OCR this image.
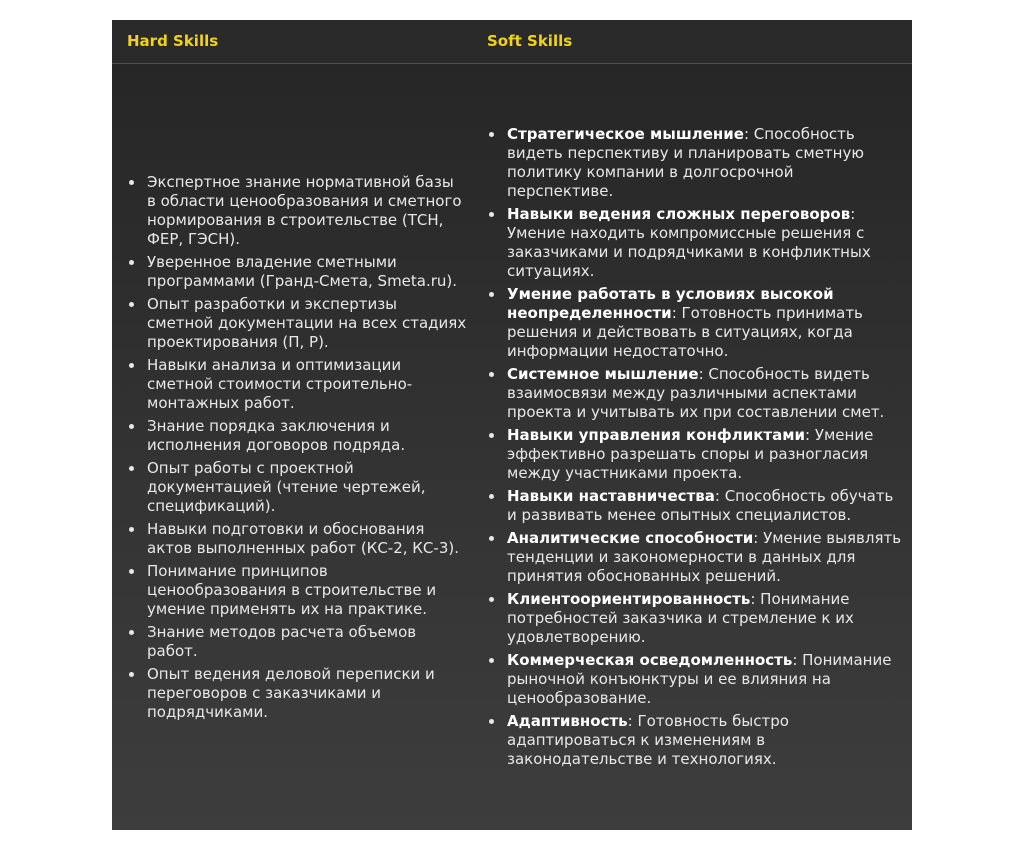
Hard Skills	Soft Skills
Экспертное знание нормативной базы в области ценообразования и сметного нормирования в строительстве (ТСН, ФЕР, ГЭСН).
Уверенное владение сметными программами (Гранд-Смета, Smeta.ru).
Опыт разработки и экспертизы сметной документации на всех стадиях проектирования (П, Р).
Навыки анализа и оптимизации сметной стоимости строительно-монтажных работ.
Знание порядка заключения и исполнения договоров подряда.
Опыт работы с проектной документацией (чтение чертежей, спецификаций).
Навыки подготовки и обоснования актов выполненных работ (КС-2, КС-3).
Понимание принципов ценообразования в строительстве и умение применять их на практике.
Знание методов расчета объемов работ.
Опыт ведения деловой переписки и переговоров с заказчиками и подрядчиками.
Стратегическое мышление: Способность видеть перспективу и планировать сметную политику компании в долгосрочной перспективе.
Навыки ведения сложных переговоров: Умение находить компромиссные решения с заказчиками и подрядчиками в конфликтных ситуациях.
Умение работать в условиях высокой неопределенности: Готовность принимать решения и действовать в ситуациях, когда информации недостаточно.
Системное мышление: Способность видеть взаимосвязи между различными аспектами проекта и учитывать их при составлении смет.
Навыки управления конфликтами: Умение эффективно разрешать споры и разногласия между участниками проекта.
Навыки наставничества: Способность обучать и развивать менее опытных специалистов.
Аналитические способности: Умение выявлять тенденции и закономерности в данных для принятия обоснованных решений.
Клиентоориентированность: Понимание потребностей заказчика и стремление к их удовлетворению.
Коммерческая осведомленность: Понимание рыночной конъюнктуры и ее влияния на ценообразование.
Адаптивность: Готовность быстро адаптироваться к изменениям в законодательстве и технологиях.
